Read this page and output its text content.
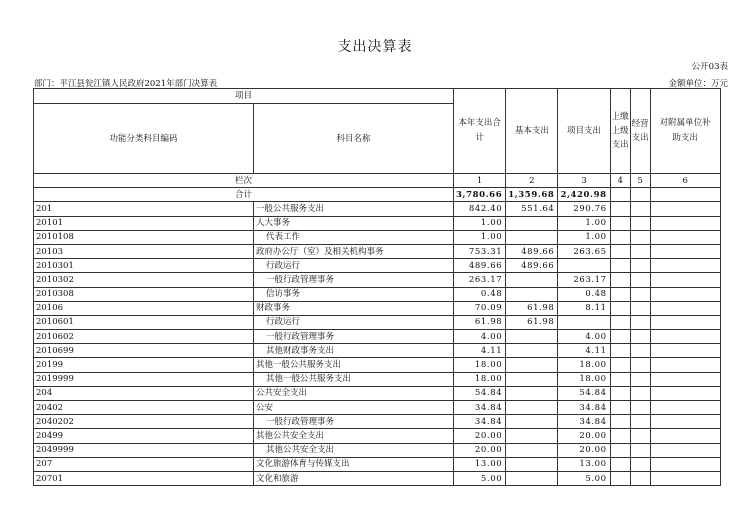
支出决算表
公开03表
部门：平江县瓮江镇人民政府2021年部门决算表	金额单位：万元
项目		本年支出合计	基本支出	项目支出	上缴上级支出	经营支出	对附属单位补助支出
功能分类科目编码	科目名称						
栏次		1	2	3	4	5	6
合计		3,780.66	1,359.68	2,420.98			
201	一般公共服务支出	842.40	551.64	290.76			
20101	人大事务	1.00		1.00			
2010108	代表工作	1.00		1.00			
20103	政府办公厅（室）及相关机构事务	753.31	489.66	263.65			
2010301	行政运行	489.66	489.66				
2010302	一般行政管理事务	263.17		263.17			
2010308	信访事务	0.48		0.48			
20106	财政事务	70.09	61.98	8.11			
2010601	行政运行	61.98	61.98				
2010602	一般行政管理事务	4.00		4.00			
2010699	其他财政事务支出	4.11		4.11			
20199	其他一般公共服务支出	18.00		18.00			
2019999	其他一般公共服务支出	18.00		18.00			
204	公共安全支出	54.84		54.84			
20402	公安	34.84		34.84			
2040202	一般行政管理事务	34.84		34.84			
20499	其他公共安全支出	20.00		20.00			
2049999	其他公共安全支出	20.00		20.00			
207	文化旅游体育与传媒支出	13.00		13.00			
20701	文化和旅游	5.00		5.00			
